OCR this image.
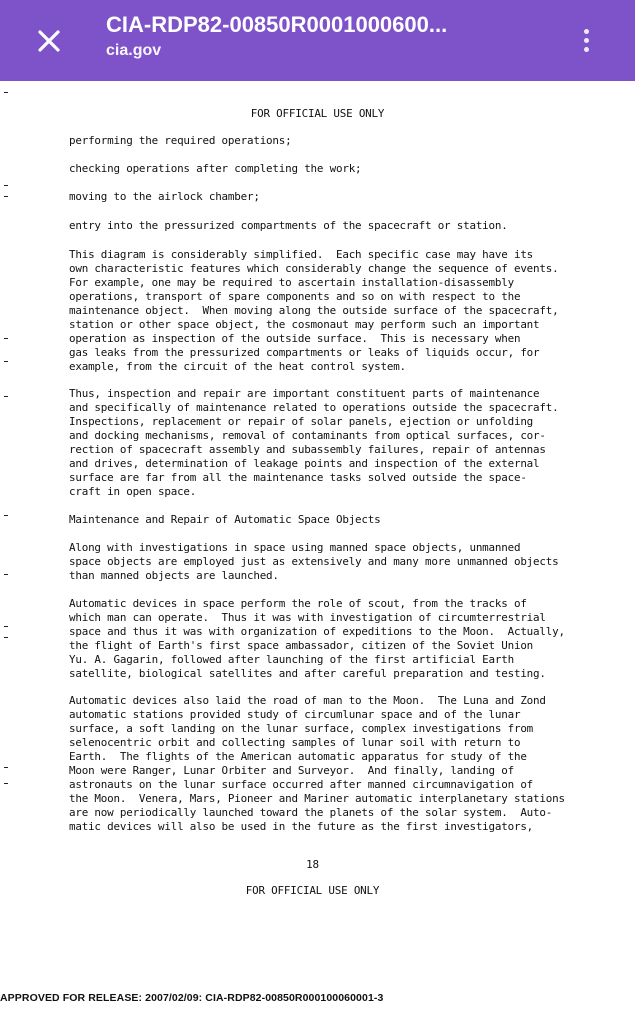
CIA-RDP82-00850R0001000600...
cia.gov
FOR OFFICIAL USE ONLY
performing the required operations;
checking operations after completing the work;
moving to the airlock chamber;
entry into the pressurized compartments of the spacecraft or station.
This diagram is considerably simplified.  Each specific case may have its
own characteristic features which considerably change the sequence of events.
For example, one may be required to ascertain installation-disassembly
operations, transport of spare components and so on with respect to the
maintenance object.  When moving along the outside surface of the spacecraft,
station or other space object, the cosmonaut may perform such an important
operation as inspection of the outside surface.  This is necessary when
gas leaks from the pressurized compartments or leaks of liquids occur, for
example, from the circuit of the heat control system.
Thus, inspection and repair are important constituent parts of maintenance
and specifically of maintenance related to operations outside the spacecraft.
Inspections, replacement or repair of solar panels, ejection or unfolding
and docking mechanisms, removal of contaminants from optical surfaces, cor-
rection of spacecraft assembly and subassembly failures, repair of antennas
and drives, determination of leakage points and inspection of the external
surface are far from all the maintenance tasks solved outside the space-
craft in open space.
Maintenance and Repair of Automatic Space Objects
Along with investigations in space using manned space objects, unmanned
space objects are employed just as extensively and many more unmanned objects
than manned objects are launched.
Automatic devices in space perform the role of scout, from the tracks of
which man can operate.  Thus it was with investigation of circumterrestrial
space and thus it was with organization of expeditions to the Moon.  Actually,
the flight of Earth's first space ambassador, citizen of the Soviet Union
Yu. A. Gagarin, followed after launching of the first artificial Earth
satellite, biological satellites and after careful preparation and testing.
Automatic devices also laid the road of man to the Moon.  The Luna and Zond
automatic stations provided study of circumlunar space and of the lunar
surface, a soft landing on the lunar surface, complex investigations from
selenocentric orbit and collecting samples of lunar soil with return to
Earth.  The flights of the American automatic apparatus for study of the
Moon were Ranger, Lunar Orbiter and Surveyor.  And finally, landing of
astronauts on the lunar surface occurred after manned circumnavigation of
the Moon.  Venera, Mars, Pioneer and Mariner automatic interplanetary stations
are now periodically launched toward the planets of the solar system.  Auto-
matic devices will also be used in the future as the first investigators,
18
FOR OFFICIAL USE ONLY
APPROVED FOR RELEASE: 2007/02/09: CIA-RDP82-00850R000100060001-3
